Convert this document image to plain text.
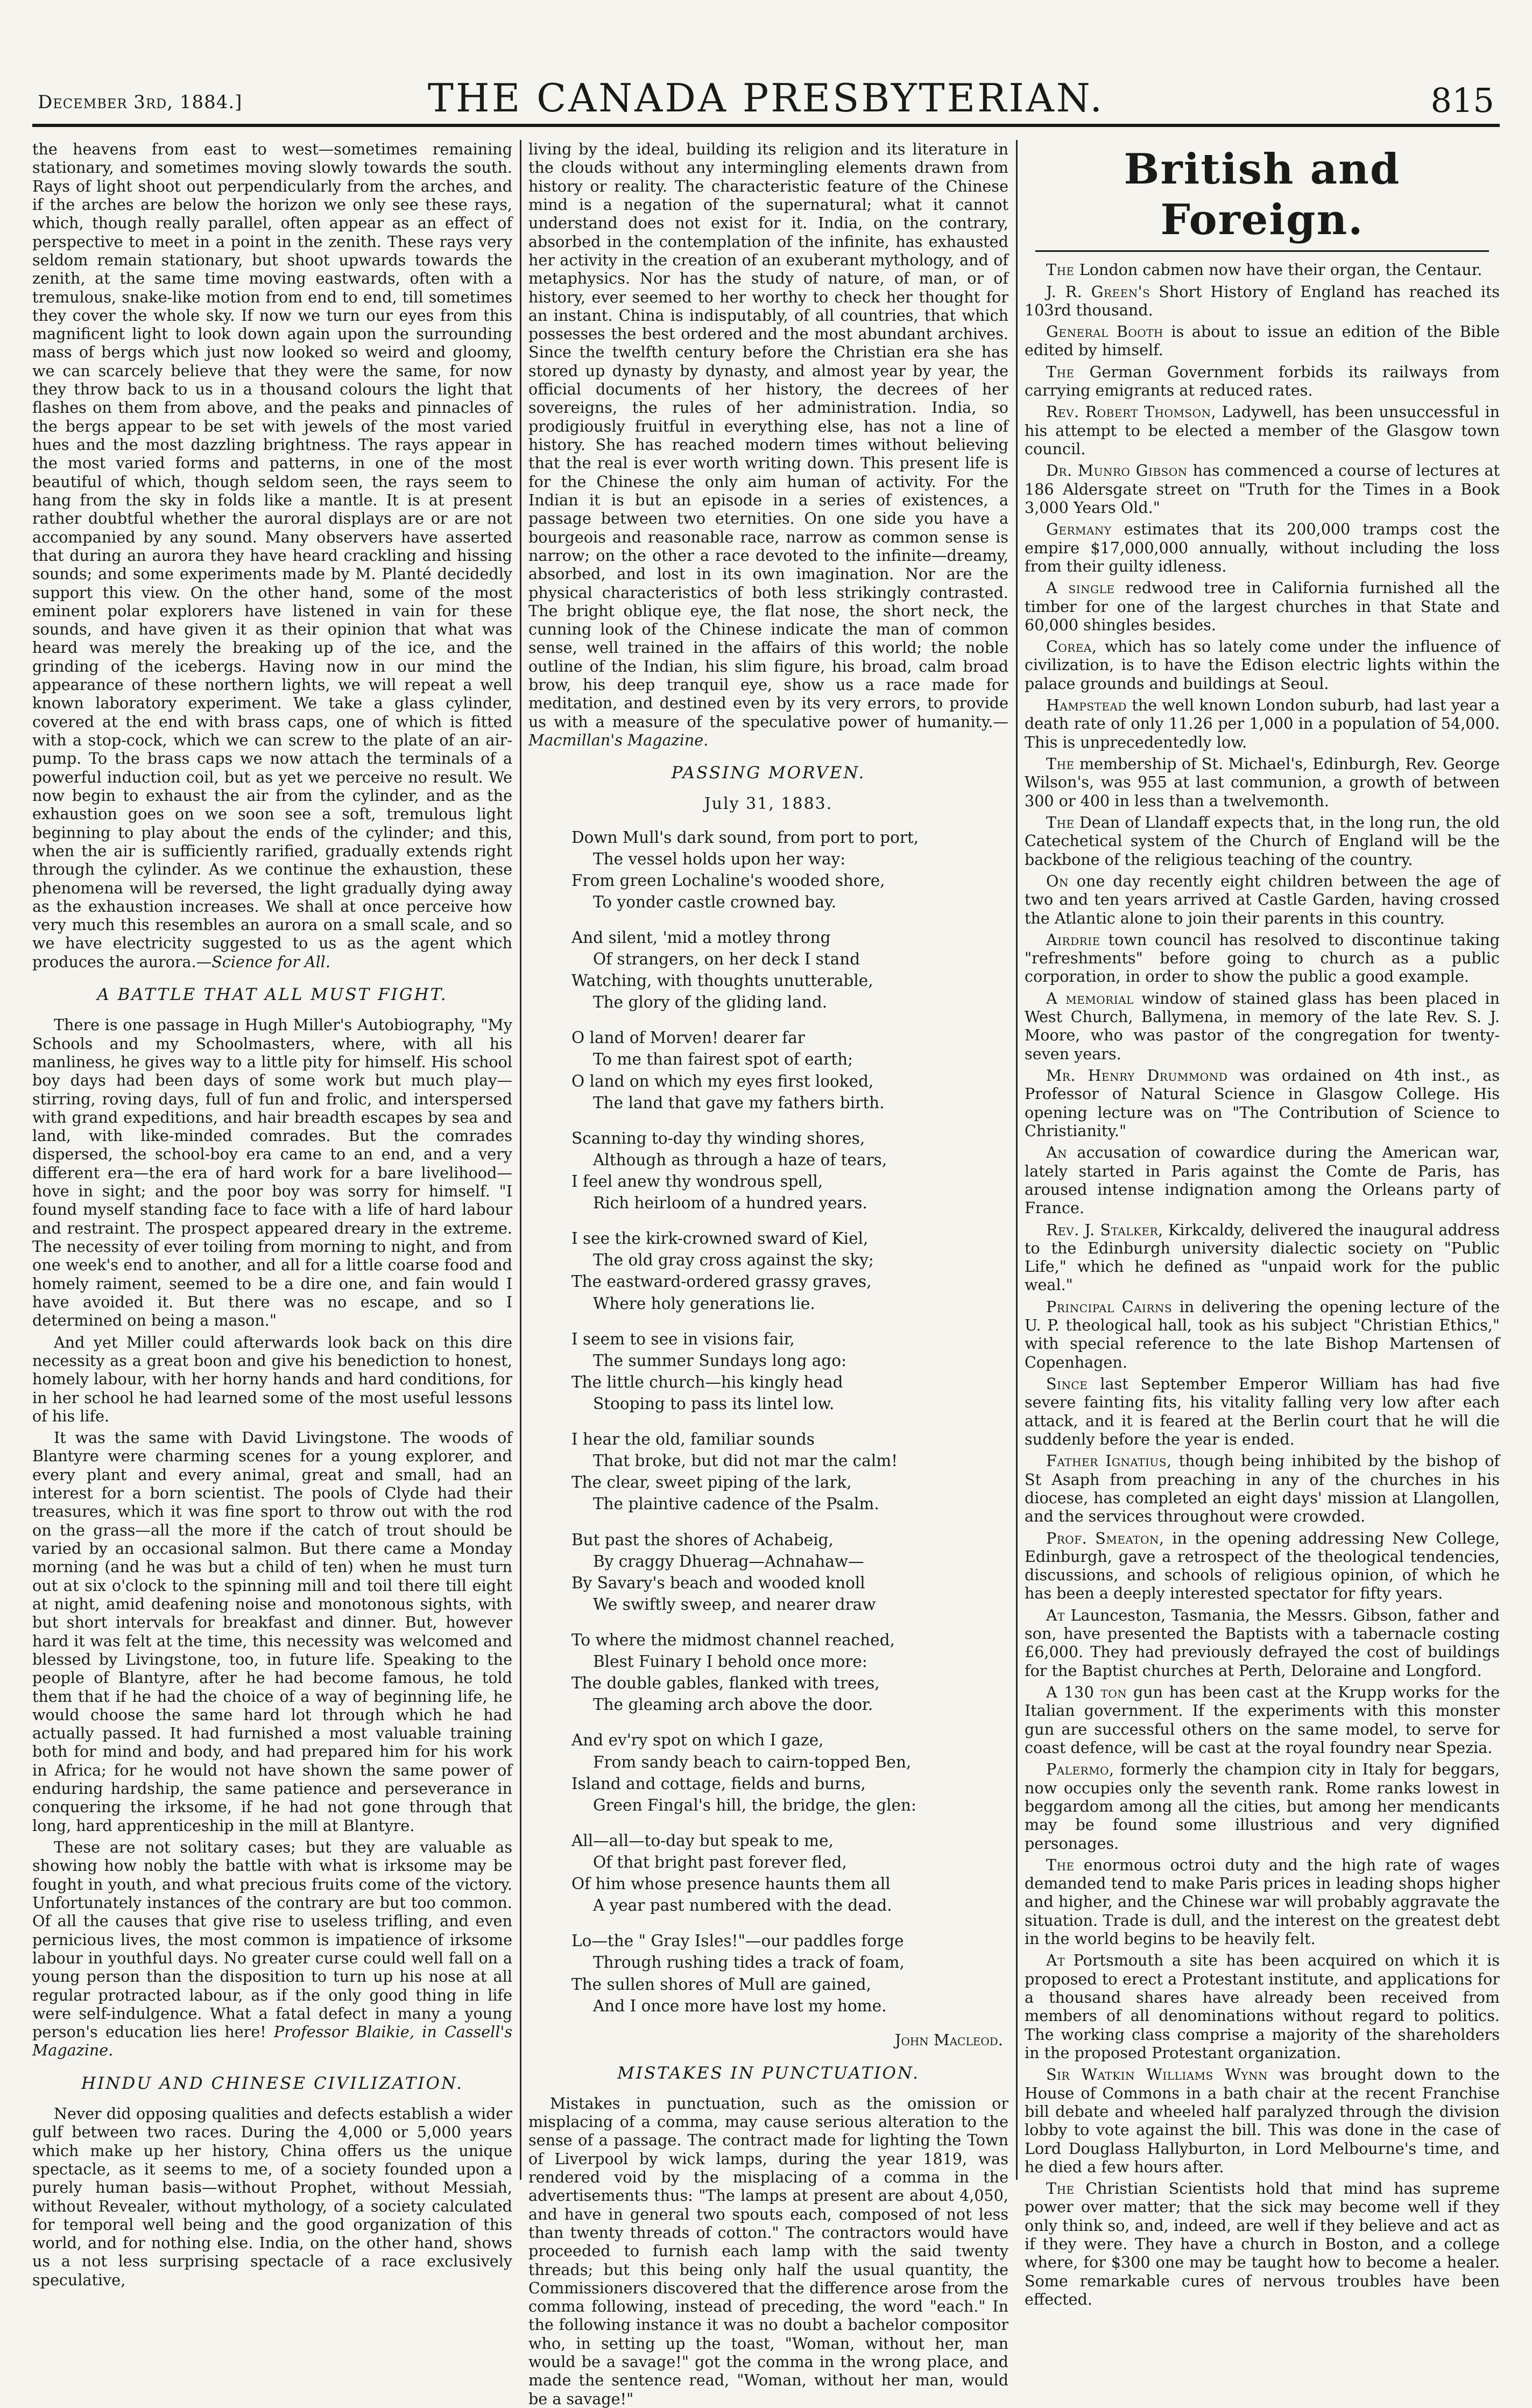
December 3rd, 1884.]	THE CANADA PRESBYTERIAN.	815

the heavens from east to west—sometimes remaining stationary, and sometimes moving slowly towards the south. Rays of light shoot out perpendicularly from the arches, and if the arches are below the horizon we only see these rays, which, though really parallel, often appear as an effect of perspective to meet in a point in the zenith. These rays very seldom remain stationary, but shoot upwards towards the zenith, at the same time moving eastwards, often with a tremulous, snake-like motion from end to end, till sometimes they cover the whole sky. If now we turn our eyes from this magnificent light to look down again upon the surrounding mass of bergs which just now looked so weird and gloomy, we can scarcely believe that they were the same, for now they throw back to us in a thousand colours the light that flashes on them from above, and the peaks and pinnacles of the bergs appear to be set with jewels of the most varied hues and the most dazzling brightness. The rays appear in the most varied forms and patterns, in one of the most beautiful of which, though seldom seen, the rays seem to hang from the sky in folds like a mantle. It is at present rather doubtful whether the auroral displays are or are not accompanied by any sound. Many observers have asserted that during an aurora they have heard crackling and hissing sounds; and some experiments made by M. Planté decidedly support this view. On the other hand, some of the most eminent polar explorers have listened in vain for these sounds, and have given it as their opinion that what was heard was merely the breaking up of the ice, and the grinding of the icebergs. Having now in our mind the appearance of these northern lights, we will repeat a well known laboratory experiment. We take a glass cylinder, covered at the end with brass caps, one of which is fitted with a stop-cock, which we can screw to the plate of an air-pump. To the brass caps we now attach the terminals of a powerful induction coil, but as yet we perceive no result. We now begin to exhaust the air from the cylinder, and as the exhaustion goes on we soon see a soft, tremulous light beginning to play about the ends of the cylinder; and this, when the air is sufficiently rarified, gradually extends right through the cylinder. As we continue the exhaustion, these phenomena will be reversed, the light gradually dying away as the exhaustion increases. We shall at once perceive how very much this resembles an aurora on a small scale, and so we have electricity suggested to us as the agent which produces the aurora.—Science for All.

A BATTLE THAT ALL MUST FIGHT.

There is one passage in Hugh Miller's Autobiography, "My Schools and my Schoolmasters, where, with all his manliness, he gives way to a little pity for himself. His school boy days had been days of some work but much play—stirring, roving days, full of fun and frolic, and interspersed with grand expeditions, and hair breadth escapes by sea and land, with like-minded comrades. But the comrades dispersed, the school-boy era came to an end, and a very different era—the era of hard work for a bare livelihood—hove in sight; and the poor boy was sorry for himself. "I found myself standing face to face with a life of hard labour and restraint. The prospect appeared dreary in the extreme. The necessity of ever toiling from morning to night, and from one week's end to another, and all for a little coarse food and homely raiment, seemed to be a dire one, and fain would I have avoided it. But there was no escape, and so I determined on being a mason."

And yet Miller could afterwards look back on this dire necessity as a great boon and give his benediction to honest, homely labour, with her horny hands and hard conditions, for in her school he had learned some of the most useful lessons of his life.

It was the same with David Livingstone. The woods of Blantyre were charming scenes for a young explorer, and every plant and every animal, great and small, had an interest for a born scientist. The pools of Clyde had their treasures, which it was fine sport to throw out with the rod on the grass—all the more if the catch of trout should be varied by an occasional salmon. But there came a Monday morning (and he was but a child of ten) when he must turn out at six o'clock to the spinning mill and toil there till eight at night, amid deafening noise and monotonous sights, with but short intervals for breakfast and dinner. But, however hard it was felt at the time, this necessity was welcomed and blessed by Livingstone, too, in future life. Speaking to the people of Blantyre, after he had become famous, he told them that if he had the choice of a way of beginning life, he would choose the same hard lot through which he had actually passed. It had furnished a most valuable training both for mind and body, and had prepared him for his work in Africa; for he would not have shown the same power of enduring hardship, the same patience and perseverance in conquering the irksome, if he had not gone through that long, hard apprenticeship in the mill at Blantyre.

These are not solitary cases; but they are valuable as showing how nobly the battle with what is irksome may be fought in youth, and what precious fruits come of the victory. Unfortunately instances of the contrary are but too common. Of all the causes that give rise to useless trifling, and even pernicious lives, the most common is impatience of irksome labour in youthful days. No greater curse could well fall on a young person than the disposition to turn up his nose at all regular protracted labour, as if the only good thing in life were self-indulgence. What a fatal defect in many a young person's education lies here! Professor Blaikie, in Cassell's Magazine.

HINDU AND CHINESE CIVILIZATION.

Never did opposing qualities and defects establish a wider gulf between two races. During the 4,000 or 5,000 years which make up her history, China offers us the unique spectacle, as it seems to me, of a society founded upon a purely human basis—without Prophet, without Messiah, without Revealer, without mythology, of a society calculated for temporal well being and the good organization of this world, and for nothing else. India, on the other hand, shows us a not less surprising spectacle of a race exclusively speculative,

living by the ideal, building its religion and its literature in the clouds without any intermingling elements drawn from history or reality. The characteristic feature of the Chinese mind is a negation of the supernatural; what it cannot understand does not exist for it. India, on the contrary, absorbed in the contemplation of the infinite, has exhausted her activity in the creation of an exuberant mythology, and of metaphysics. Nor has the study of nature, of man, or of history, ever seemed to her worthy to check her thought for an instant. China is indisputably, of all countries, that which possesses the best ordered and the most abundant archives. Since the twelfth century before the Christian era she has stored up dynasty by dynasty, and almost year by year, the official documents of her history, the decrees of her sovereigns, the rules of her administration. India, so prodigiously fruitful in everything else, has not a line of history. She has reached modern times without believing that the real is ever worth writing down. This present life is for the Chinese the only aim human of activity. For the Indian it is but an episode in a series of existences, a passage between two eternities. On one side you have a bourgeois and reasonable race, narrow as common sense is narrow; on the other a race devoted to the infinite—dreamy, absorbed, and lost in its own imagination. Nor are the physical characteristics of both less strikingly contrasted. The bright oblique eye, the flat nose, the short neck, the cunning look of the Chinese indicate the man of common sense, well trained in the affairs of this world; the noble outline of the Indian, his slim figure, his broad, calm broad brow, his deep tranquil eye, show us a race made for meditation, and destined even by its very errors, to provide us with a measure of the speculative power of humanity.—Macmillan's Magazine.

PASSING MORVEN.
July 31, 1883.
Down Mull's dark sound, from port to port,
The vessel holds upon her way:
From green Lochaline's wooded shore,
To yonder castle crowned bay.
And silent, 'mid a motley throng
Of strangers, on her deck I stand
Watching, with thoughts unutterable,
The glory of the gliding land.
O land of Morven! dearer far
To me than fairest spot of earth;
O land on which my eyes first looked,
The land that gave my fathers birth.
Scanning to-day thy winding shores,
Although as through a haze of tears,
I feel anew thy wondrous spell,
Rich heirloom of a hundred years.
I see the kirk-crowned sward of Kiel,
The old gray cross against the sky;
The eastward-ordered grassy graves,
Where holy generations lie.
I seem to see in visions fair,
The summer Sundays long ago:
The little church—his kingly head
Stooping to pass its lintel low.
I hear the old, familiar sounds
That broke, but did not mar the calm!
The clear, sweet piping of the lark,
The plaintive cadence of the Psalm.
But past the shores of Achabeig,
By craggy Dhuerag—Achnahaw—
By Savary's beach and wooded knoll
We swiftly sweep, and nearer draw
To where the midmost channel reached,
Blest Fuinary I behold once more:
The double gables, flanked with trees,
The gleaming arch above the door.
And ev'ry spot on which I gaze,
From sandy beach to cairn-topped Ben,
Island and cottage, fields and burns,
Green Fingal's hill, the bridge, the glen:
All—all—to-day but speak to me,
Of that bright past forever fled,
Of him whose presence haunts them all
A year past numbered with the dead.
Lo—the " Gray Isles!"—our paddles forge
Through rushing tides a track of foam,
The sullen shores of Mull are gained,
And I once more have lost my home.
John Macleod.
MISTAKES IN PUNCTUATION.

Mistakes in punctuation, such as the omission or misplacing of a comma, may cause serious alteration to the sense of a passage. The contract made for lighting the Town of Liverpool by wick lamps, during the year 1819, was rendered void by the misplacing of a comma in the advertisements thus: "The lamps at present are about 4,050, and have in general two spouts each, composed of not less than twenty threads of cotton." The contractors would have proceeded to furnish each lamp with the said twenty threads; but this being only half the usual quantity, the Commissioners discovered that the difference arose from the comma following, instead of preceding, the word "each." In the following instance it was no doubt a bachelor compositor who, in setting up the toast, "Woman, without her, man would be a savage!" got the comma in the wrong place, and made the sentence read, "Woman, without her man, would be a savage!"

British and Foreign.

The London cabmen now have their organ, the Centaur.

J. R. Green's Short History of England has reached its 103rd thousand.

General Booth is about to issue an edition of the Bible edited by himself.

The German Government forbids its railways from carrying emigrants at reduced rates.

Rev. Robert Thomson, Ladywell, has been unsuccessful in his attempt to be elected a member of the Glasgow town council.

Dr. Munro Gibson has commenced a course of lectures at 186 Aldersgate street on "Truth for the Times in a Book 3,000 Years Old."

Germany estimates that its 200,000 tramps cost the empire $17,000,000 annually, without including the loss from their guilty idleness.

A single redwood tree in California furnished all the timber for one of the largest churches in that State and 60,000 shingles besides.

Corea, which has so lately come under the influence of civilization, is to have the Edison electric lights within the palace grounds and buildings at Seoul.

Hampstead the well known London suburb, had last year a death rate of only 11.26 per 1,000 in a population of 54,000. This is unprecedentedly low.

The membership of St. Michael's, Edinburgh, Rev. George Wilson's, was 955 at last communion, a growth of between 300 or 400 in less than a twelvemonth.

The Dean of Llandaff expects that, in the long run, the old Catechetical system of the Church of England will be the backbone of the religious teaching of the country.

On one day recently eight children between the age of two and ten years arrived at Castle Garden, having crossed the Atlantic alone to join their parents in this country.

Airdrie town council has resolved to discontinue taking "refreshments" before going to church as a public corporation, in order to show the public a good example.

A memorial window of stained glass has been placed in West Church, Ballymena, in memory of the late Rev. S. J. Moore, who was pastor of the congregation for twenty-seven years.

Mr. Henry Drummond was ordained on 4th inst., as Professor of Natural Science in Glasgow College. His opening lecture was on "The Contribution of Science to Christianity."

An accusation of cowardice during the American war, lately started in Paris against the Comte de Paris, has aroused intense indignation among the Orleans party of France.

Rev. J. Stalker, Kirkcaldy, delivered the inaugural address to the Edinburgh university dialectic society on "Public Life," which he defined as "unpaid work for the public weal."

Principal Cairns in delivering the opening lecture of the U. P. theological hall, took as his subject "Christian Ethics," with special reference to the late Bishop Martensen of Copenhagen.

Since last September Emperor William has had five severe fainting fits, his vitality falling very low after each attack, and it is feared at the Berlin court that he will die suddenly before the year is ended.

Father Ignatius, though being inhibited by the bishop of St Asaph from preaching in any of the churches in his diocese, has completed an eight days' mission at Llangollen, and the services throughout were crowded.

Prof. Smeaton, in the opening addressing New College, Edinburgh, gave a retrospect of the theological tendencies, discussions, and schools of religious opinion, of which he has been a deeply interested spectator for fifty years.

At Launceston, Tasmania, the Messrs. Gibson, father and son, have presented the Baptists with a tabernacle costing £6,000. They had previously defrayed the cost of buildings for the Baptist churches at Perth, Deloraine and Longford.

A 130 ton gun has been cast at the Krupp works for the Italian government. If the experiments with this monster gun are successful others on the same model, to serve for coast defence, will be cast at the royal foundry near Spezia.

Palermo, formerly the champion city in Italy for beggars, now occupies only the seventh rank. Rome ranks lowest in beggardom among all the cities, but among her mendicants may be found some illustrious and very dignified personages.

The enormous octroi duty and the high rate of wages demanded tend to make Paris prices in leading shops higher and higher, and the Chinese war will probably aggravate the situation. Trade is dull, and the interest on the greatest debt in the world begins to be heavily felt.

At Portsmouth a site has been acquired on which it is proposed to erect a Protestant institute, and applications for a thousand shares have already been received from members of all denominations without regard to politics. The working class comprise a majority of the shareholders in the proposed Protestant organization.

Sir Watkin Williams Wynn was brought down to the House of Commons in a bath chair at the recent Franchise bill debate and wheeled half paralyzed through the division lobby to vote against the bill. This was done in the case of Lord Douglass Hallyburton, in Lord Melbourne's time, and he died a few hours after.

The Christian Scientists hold that mind has supreme power over matter; that the sick may become well if they only think so, and, indeed, are well if they believe and act as if they were. They have a church in Boston, and a college where, for $300 one may be taught how to become a healer. Some remarkable cures of nervous troubles have been effected.
